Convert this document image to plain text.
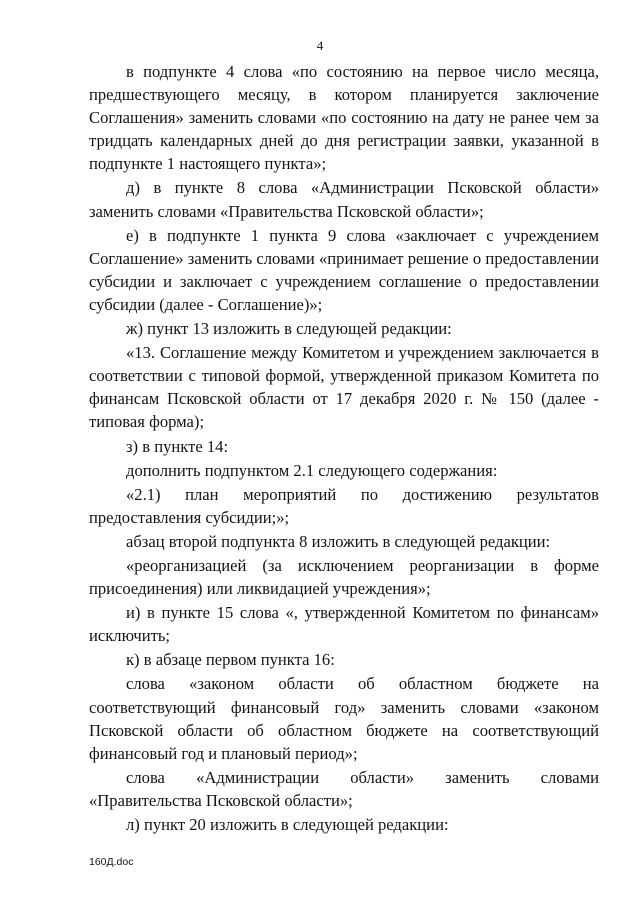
4

в подпункте 4 слова «по состоянию на первое число месяца, предшествующего месяцу, в котором планируется заключение Соглашения» заменить словами «по состоянию на дату не ранее чем за тридцать календарных дней до дня регистрации заявки, указанной в подпункте 1 настоящего пункта»;

д) в пункте 8 слова «Администрации Псковской области» заменить словами «Правительства Псковской области»;

е) в подпункте 1 пункта 9 слова «заключает с учреждением Соглашение» заменить словами «принимает решение о предоставлении субсидии и заключает с учреждением соглашение о предоставлении субсидии (далее - Соглашение)»;

ж) пункт 13 изложить в следующей редакции:

«13. Соглашение между Комитетом и учреждением заключается в соответствии с типовой формой, утвержденной приказом Комитета по финансам Псковской области от 17 декабря 2020 г. № 150 (далее - типовая форма);

з) в пункте 14:

дополнить подпунктом 2.1 следующего содержания:

«2.1) план мероприятий по достижению результатов предоставления субсидии;»;

абзац второй подпункта 8 изложить в следующей редакции:

«реорганизацией (за исключением реорганизации в форме присоединения) или ликвидацией учреждения»;

и) в пункте 15 слова «, утвержденной Комитетом по финансам» исключить;

к) в абзаце первом пункта 16:

слова «законом области об областном бюджете на соответствующий финансовый год» заменить словами «законом Псковской области об областном бюджете на соответствующий финансовый год и плановый период»;

слова «Администрации области» заменить словами «Правительства Псковской области»;

л) пункт 20 изложить в следующей редакции:

160Д.doc
